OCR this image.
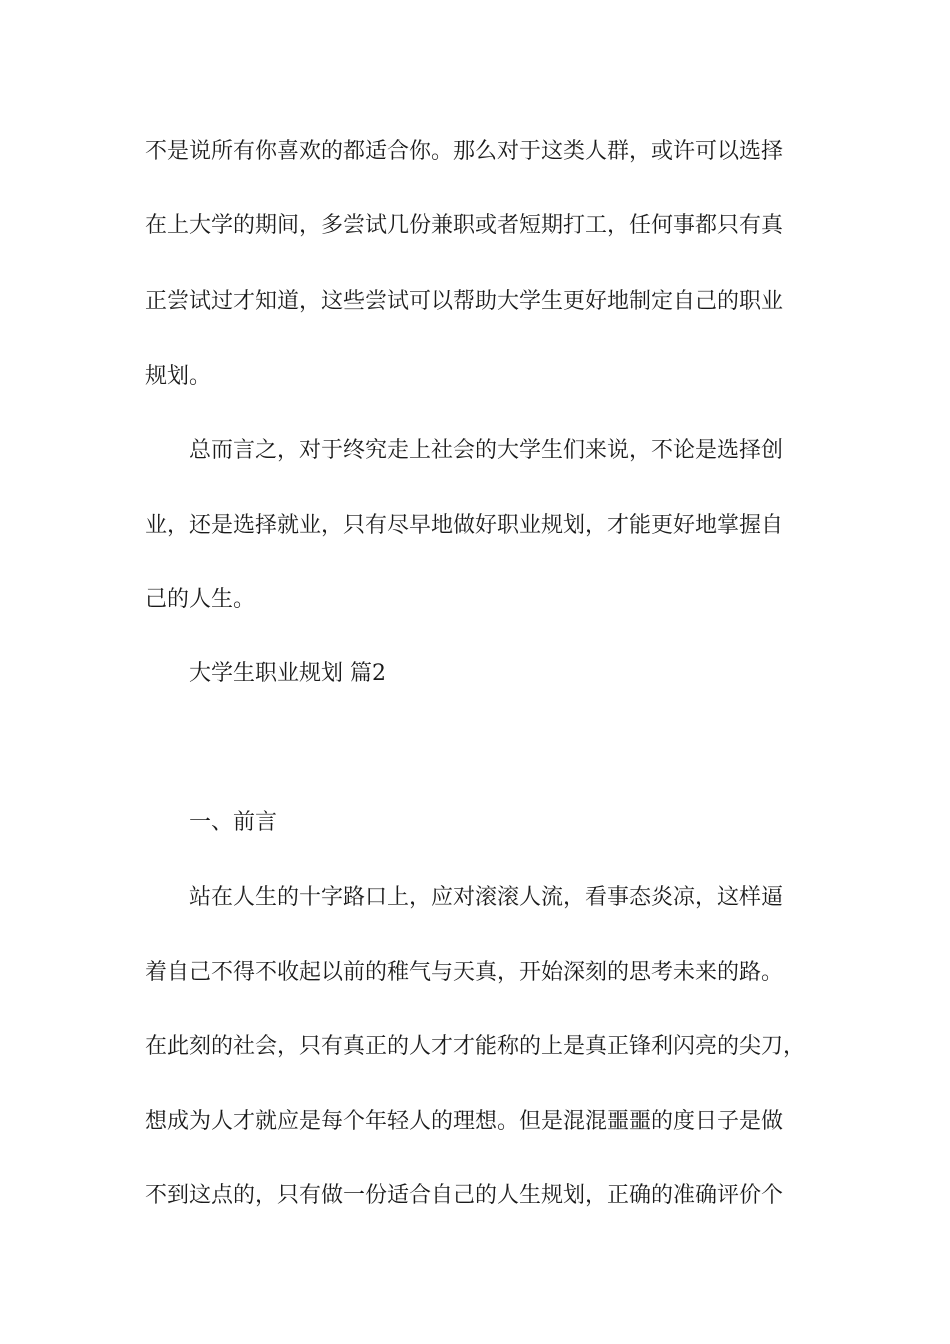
不是说所有你喜欢的都适合你。那么对于这类人群，或许可以选择
在上大学的期间，多尝试几份兼职或者短期打工，任何事都只有真
正尝试过才知道，这些尝试可以帮助大学生更好地制定自己的职业
规划。
总而言之，对于终究走上社会的大学生们来说，不论是选择创
业，还是选择就业，只有尽早地做好职业规划，才能更好地掌握自
己的人生。
大学生职业规划 篇2
一、前言
站在人生的十字路口上，应对滚滚人流，看事态炎凉，这样逼
着自己不得不收起以前的稚气与天真，开始深刻的思考未来的路。
在此刻的社会，只有真正的人才才能称的上是真正锋利闪亮的尖刀，
想成为人才就应是每个年轻人的理想。但是混混噩噩的度日子是做
不到这点的，只有做一份适合自己的人生规划，正确的准确评价个
